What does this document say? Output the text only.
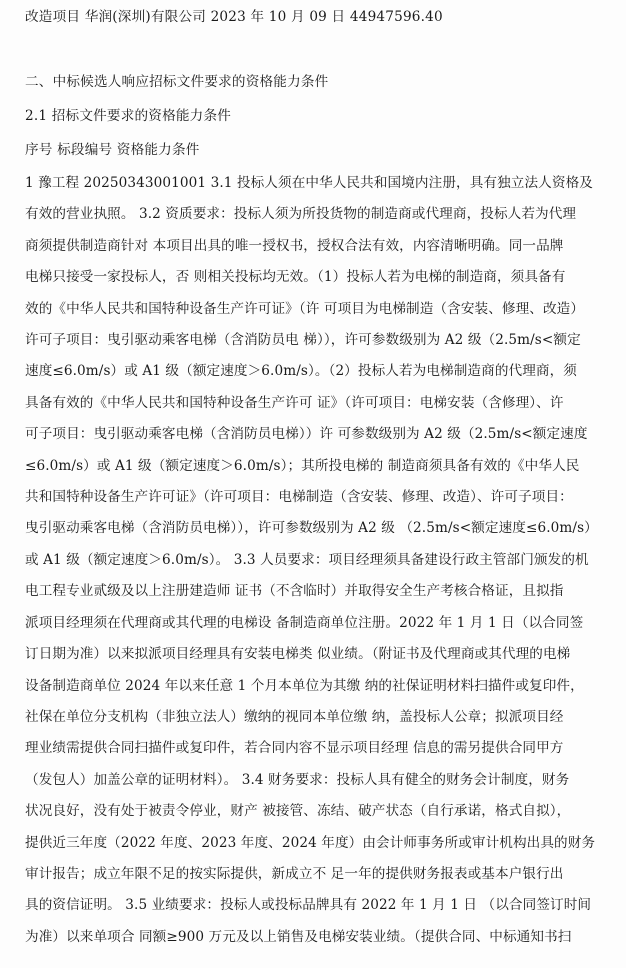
改造项目 华润(深圳)有限公司 2023 年 10 月 09 日 44947596.40
二、中标候选人响应招标文件要求的资格能力条件
2.1 招标文件要求的资格能力条件
序号 标段编号 资格能力条件
1 豫工程 20250343001001 3.1 投标人须在中华人民共和国境内注册，具有独立法人资格及
有效的营业执照。 3.2 资质要求：投标人须为所投货物的制造商或代理商，投标人若为代理
商须提供制造商针对 本项目出具的唯一授权书，授权合法有效，内容清晰明确。同一品牌
电梯只接受一家投标人，否 则相关投标均无效。（1）投标人若为电梯的制造商，须具备有
效的《中华人民共和国特种设备生产许可证》（许 可项目为电梯制造（含安装、修理、改造）
许可子项目：曳引驱动乘客电梯（含消防员电 梯）），许可参数级别为 A2 级（2.5m/s<额定
速度≤6.0m/s）或 A1 级（额定速度＞6.0m/s）。（2）投标人若为电梯制造商的代理商，须
具备有效的《中华人民共和国特种设备生产许可 证》（许可项目：电梯安装（含修理）、许
可子项目：曳引驱动乘客电梯（含消防员电梯））许 可参数级别为 A2 级（2.5m/s<额定速度
≤6.0m/s）或 A1 级（额定速度＞6.0m/s）；其所投电梯的 制造商须具备有效的《中华人民
共和国特种设备生产许可证》（许可项目：电梯制造（含安装、修理、改造）、许可子项目：
曳引驱动乘客电梯（含消防员电梯）），许可参数级别为 A2 级 （2.5m/s<额定速度≤6.0m/s）
或 A1 级（额定速度＞6.0m/s）。 3.3 人员要求：项目经理须具备建设行政主管部门颁发的机
电工程专业贰级及以上注册建造师 证书（不含临时）并取得安全生产考核合格证，且拟指
派项目经理须在代理商或其代理的电梯设 备制造商单位注册。2022 年 1 月 1 日（以合同签
订日期为准）以来拟派项目经理具有安装电梯类 似业绩。（附证书及代理商或其代理的电梯
设备制造商单位 2024 年以来任意 1 个月本单位为其缴 纳的社保证明材料扫描件或复印件，
社保在单位分支机构（非独立法人）缴纳的视同本单位缴 纳，盖投标人公章；拟派项目经
理业绩需提供合同扫描件或复印件，若合同内容不显示项目经理 信息的需另提供合同甲方
（发包人）加盖公章的证明材料）。 3.4 财务要求：投标人具有健全的财务会计制度，财务
状况良好，没有处于被责令停业，财产 被接管、冻结、破产状态（自行承诺，格式自拟），
提供近三年度（2022 年度、2023 年度、2024 年度）由会计师事务所或审计机构出具的财务
审计报告；成立年限不足的按实际提供，新成立不 足一年的提供财务报表或基本户银行出
具的资信证明。 3.5 业绩要求：投标人或投标品牌具有 2022 年 1 月 1 日 （以合同签订时间
为准）以来单项合 同额≥900 万元及以上销售及电梯安装业绩。（提供合同、中标通知书扫
